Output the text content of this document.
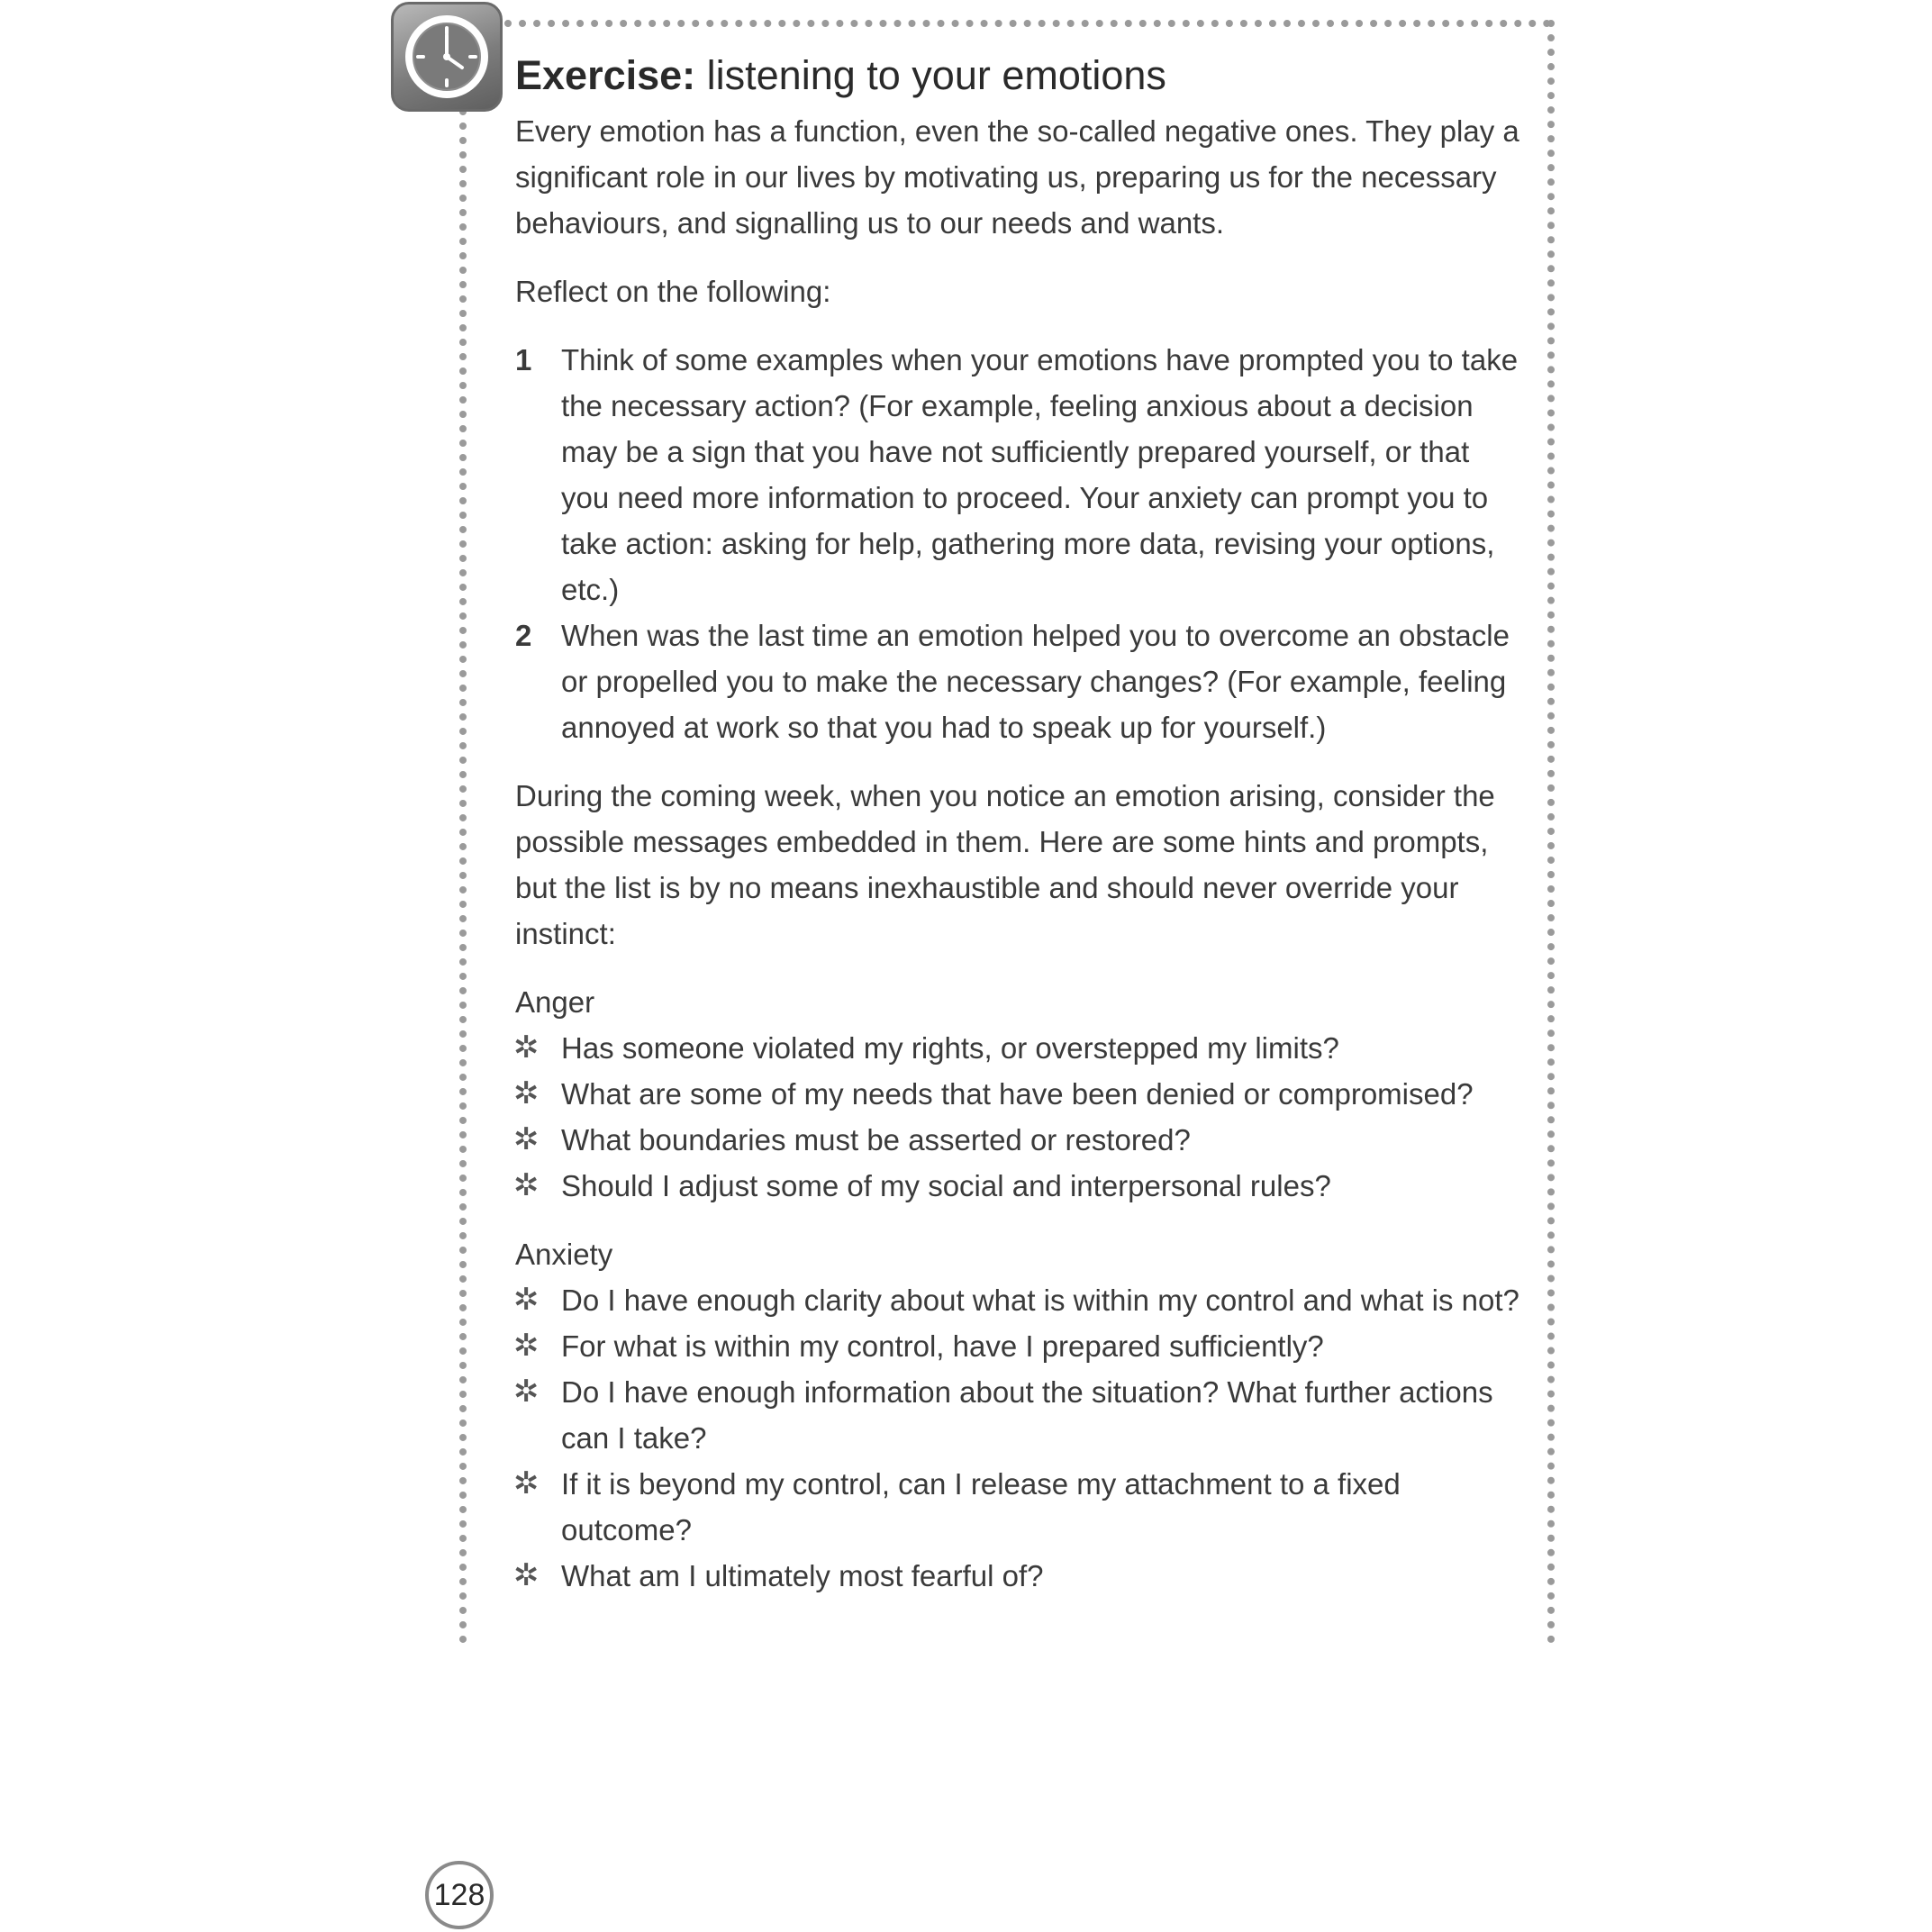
Exercise: listening to your emotions

Every emotion has a function, even the so-called negative ones. They play a significant role in our lives by motivating us, preparing us for the necessary behaviours, and signalling us to our needs and wants.

Reflect on the following:

1 Think of some examples when your emotions have prompted you to take the necessary action? (For example, feeling anxious about a decision may be a sign that you have not sufficiently prepared yourself, or that you need more information to proceed. Your anxiety can prompt you to take action: asking for help, gathering more data, revising your options, etc.)
2 When was the last time an emotion helped you to overcome an obstacle or propelled you to make the necessary changes? (For example, feeling annoyed at work so that you had to speak up for yourself.)

During the coming week, when you notice an emotion arising, consider the possible messages embedded in them. Here are some hints and prompts, but the list is by no means inexhaustible and should never override your instinct:

Anger
✲ Has someone violated my rights, or overstepped my limits?
✲ What are some of my needs that have been denied or compromised?
✲ What boundaries must be asserted or restored?
✲ Should I adjust some of my social and interpersonal rules?
Anxiety
✲ Do I have enough clarity about what is within my control and what is not?
✲ For what is within my control, have I prepared sufficiently?
✲ Do I have enough information about the situation? What further actions can I take?
✲ If it is beyond my control, can I release my attachment to a fixed outcome?
✲ What am I ultimately most fearful of?
128
